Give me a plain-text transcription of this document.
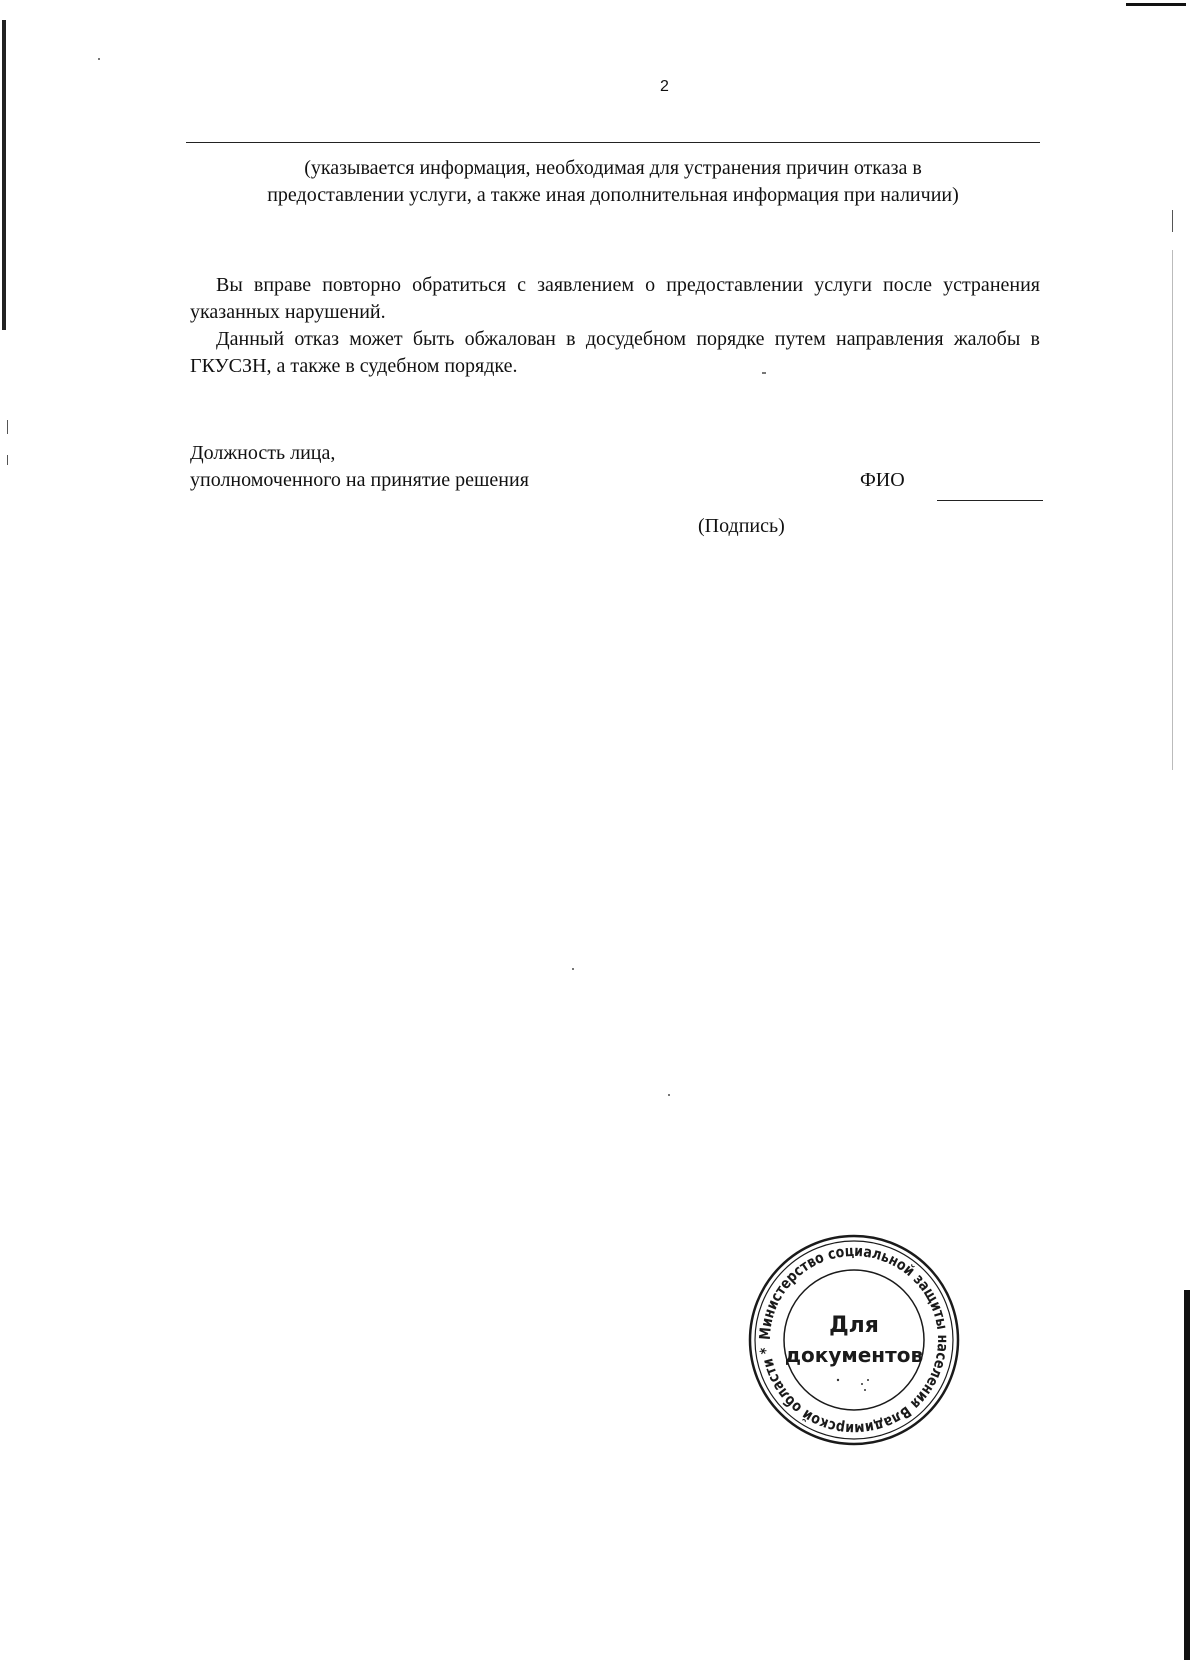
2
(указывается информация, необходимая для устранения причин отказа в
предоставлении услуги, а также иная дополнительная информация при наличии)

Вы вправе повторно обратиться с заявлением о предоставлении услуги после устранения указанных нарушений.

Данный отказ может быть обжалован в досудебном порядке путем направления жалобы в ГКУСЗН, а также в судебном порядке.

Должность лица,
уполномоченного на принятие решения	ФИО
(Подпись)
Министерство социальной защиты населения Владимирской области *
Для
документов
